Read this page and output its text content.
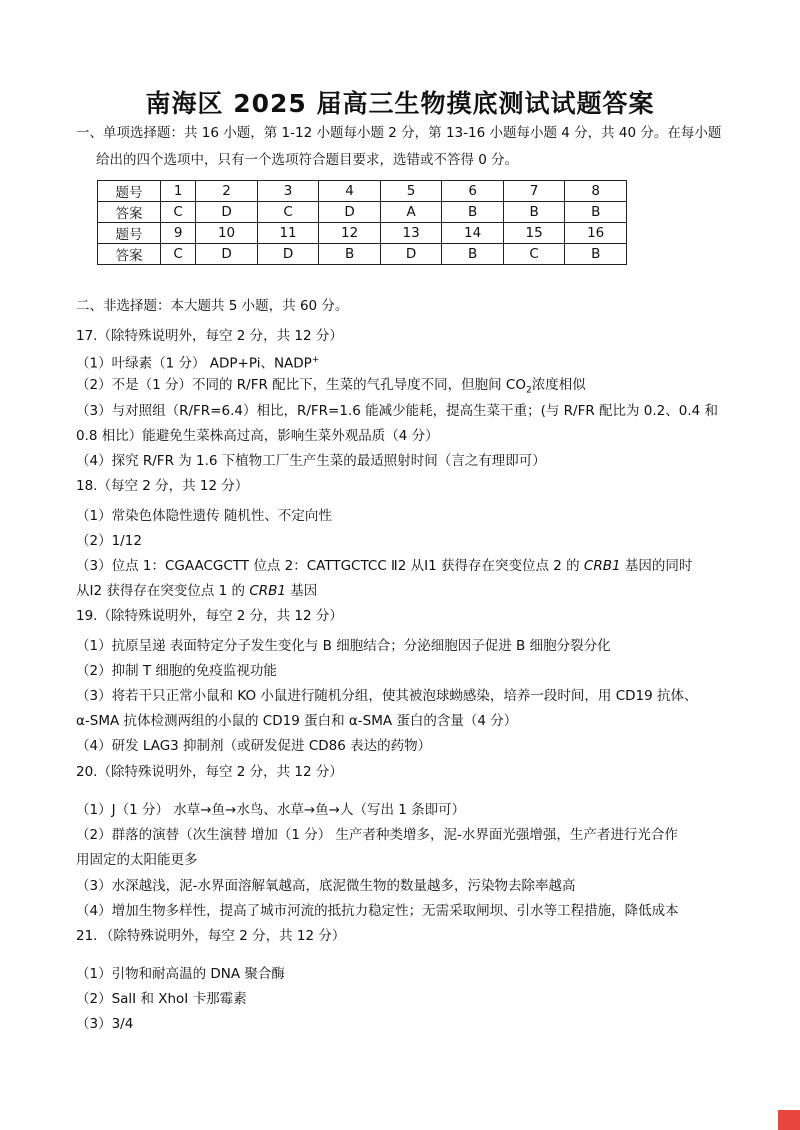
南海区 2025 届高三生物摸底测试试题答案
一、单项选择题：共 16 小题，第 1-12 小题每小题 2 分，第 13-16 小题每小题 4 分，共 40 分。在每小题
给出的四个选项中，只有一个选项符合题目要求，选错或不答得 0 分。
题号	1	2	3	4	5	6	7	8
答案	C	D	C	D	A	B	B	B
题号	9	10	11	12	13	14	15	16
答案	C	D	D	B	D	B	C	B
二、非选择题：本大题共 5 小题，共 60 分。
17.（除特殊说明外，每空 2 分，共 12 分）
（1）叶绿素（1 分） ADP+Pi、NADP+
（2）不是（1 分）不同的 R/FR 配比下，生菜的气孔导度不同，但胞间 $CO_2$浓度相似
（3）与对照组（R/FR=6.4）相比，R/FR=1.6 能减少能耗，提高生菜干重；(与 R/FR 配比为 0.2、0.4 和
0.8 相比）能避免生菜株高过高，影响生菜外观品质（4 分）
（4）探究 R/FR 为 1.6 下植物工厂生产生菜的最适照射时间（言之有理即可）
18.（每空 2 分，共 12 分）
（1）常染色体隐性遗传 随机性、不定向性
（2）1/12
（3）位点 1：CGAACGCTT 位点 2：CATTGCTCC Ⅱ2 从Ⅰ1 获得存在突变位点 2 的 CRB1 基因的同时
从Ⅰ2 获得存在突变位点 1 的 CRB1 基因
19.（除特殊说明外，每空 2 分，共 12 分）
（1）抗原呈递 表面特定分子发生变化与 B 细胞结合；分泌细胞因子促进 B 细胞分裂分化
（2）抑制 T 细胞的免疫监视功能
（3）将若干只正常小鼠和 KO 小鼠进行随机分组，使其被泡球蚴感染，培养一段时间，用 CD19 抗体、
α-SMA 抗体检测两组的小鼠的 CD19 蛋白和 α-SMA 蛋白的含量（4 分）
（4）研发 LAG3 抑制剂（或研发促进 CD86 表达的药物）
20.（除特殊说明外，每空 2 分，共 12 分）
（1）J（1 分） 水草→鱼→水鸟、水草→鱼→人（写出 1 条即可）
（2）群落的演替（次生演替 增加（1 分） 生产者种类增多，泥-水界面光强增强，生产者进行光合作
用固定的太阳能更多
（3）水深越浅，泥-水界面溶解氧越高，底泥微生物的数量越多，污染物去除率越高
（4）增加生物多样性，提高了城市河流的抵抗力稳定性；无需采取闸坝、引水等工程措施，降低成本
21．（除特殊说明外，每空 2 分，共 12 分）
（1）引物和耐高温的 DNA 聚合酶
（2）SalI 和 XhoI 卡那霉素
（3）3/4
